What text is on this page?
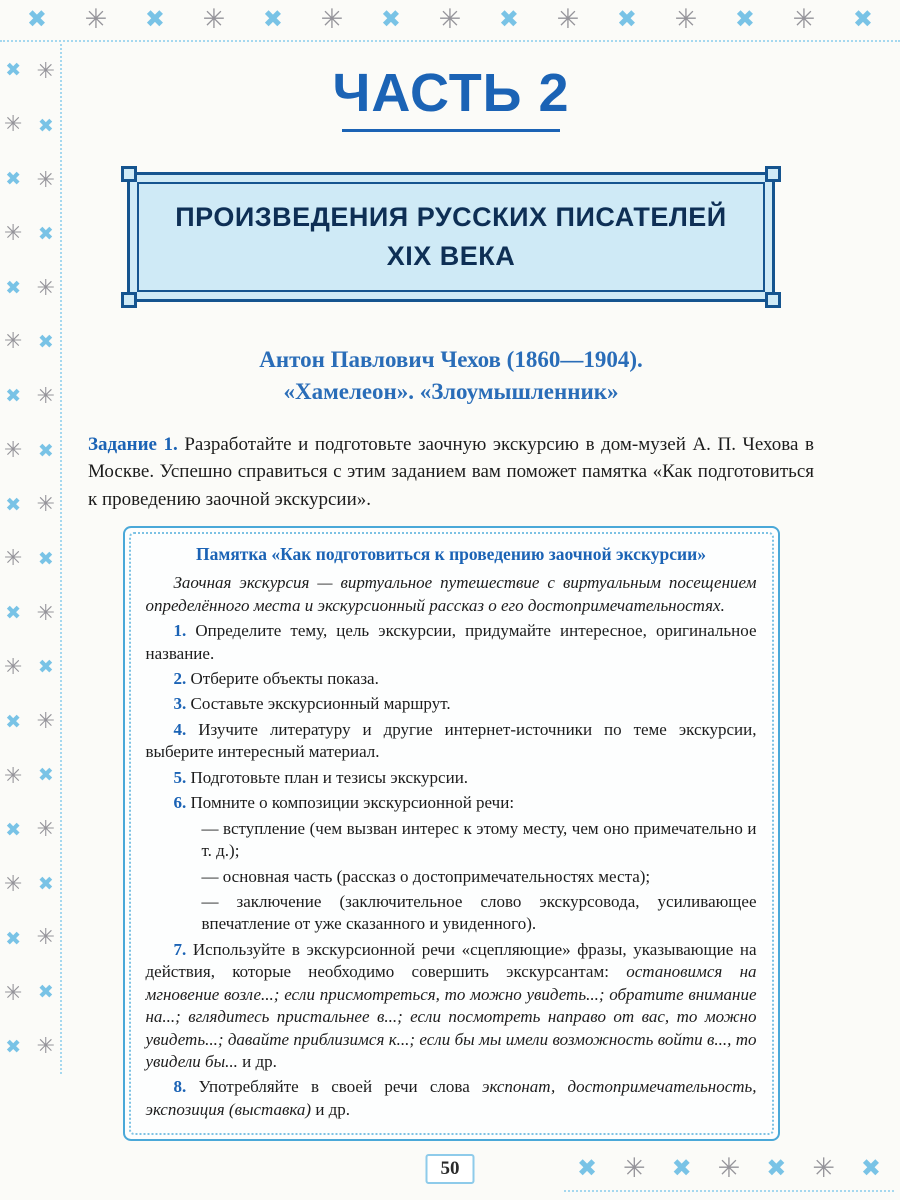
✖ ✳ ✖ ✳ ✖ ✳ ✖ ✳ ✖ ✳ ✖ ✳ ✖ ✳ ✖
✖
✳
✖
✳
✖
✳
✖
✳
✖
✳
✖
✳
✖
✳
✖
✳
✖
✳
✖
✳
✖
✳
✖
✳
✖
✳
✖
✳
✖
✳
✖
✳
✖
✳
✖
✳
✖
✳
✖ ✳ ✖ ✳ ✖ ✳ ✖
ЧАСТЬ 2
ПРОИЗВЕДЕНИЯ РУССКИХ ПИСАТЕЛЕЙ
XIX ВЕКА
Антон Павлович Чехов (1860—1904).
«Хамелеон». «Злоумышленник»

Задание 1. Разработайте и подготовьте заочную экскурсию в дом-музей А. П. Чехова в Москве. Успешно справиться с этим заданием вам поможет памятка «Как подготовиться к проведению заочной экскурсии».

Памятка «Как подготовиться к проведению заочной экскурсии»

Заочная экскурсия — виртуальное путешествие с виртуальным посещением определённого места и экскурсионный рассказ о его достопримечательностях.

1. Определите тему, цель экскурсии, придумайте интересное, оригинальное название.

2. Отберите объекты показа.

3. Составьте экскурсионный маршрут.

4. Изучите литературу и другие интернет-источники по теме экскурсии, выберите интересный материал.

5. Подготовьте план и тезисы экскурсии.

6. Помните о композиции экскурсионной речи:

— вступление (чем вызван интерес к этому месту, чем оно примечательно и т. д.);

— основная часть (рассказ о достопримечательностях места);

— заключение (заключительное слово экскурсовода, усиливающее впечатление от уже сказанного и увиденного).

7. Используйте в экскурсионной речи «сцепляющие» фразы, указывающие на действия, которые необходимо совершить экскурсантам: остановимся на мгновение возле...; если присмотреться, то можно увидеть...; обратите внимание на...; вглядитесь пристальнее в...; если посмотреть направо от вас, то можно увидеть...; давайте приблизимся к...; если бы мы имели возможность войти в..., то увидели бы... и др.

8. Употребляйте в своей речи слова экспонат, достопримечательность, экспозиция (выставка) и др.

50
